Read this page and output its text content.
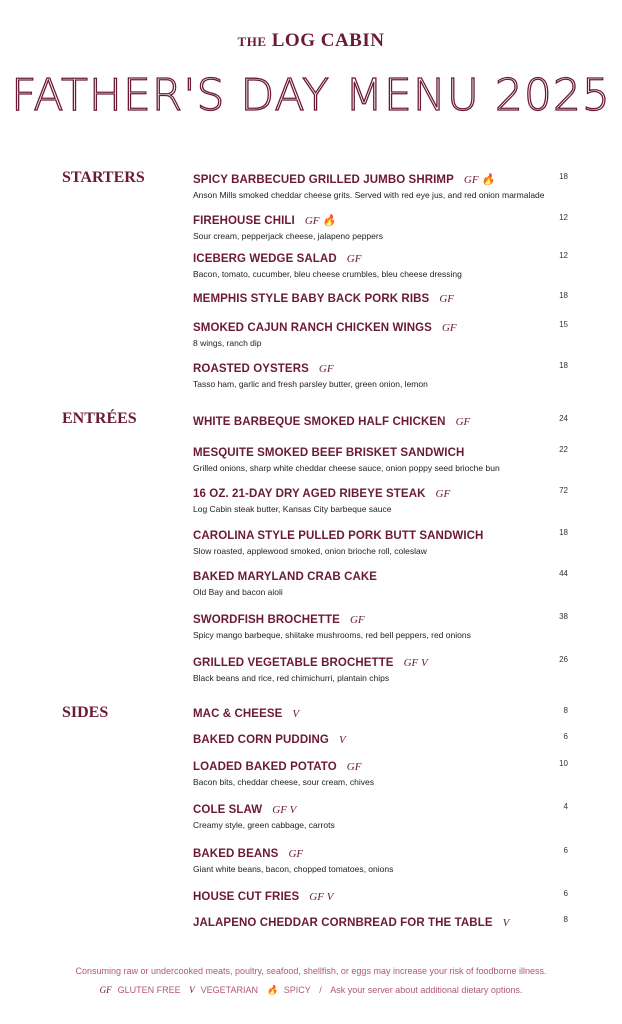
THE LOG CABIN
FATHER'S DAY MENU 2025
STARTERS
ENTRÉES
SIDES
SPICY BARBECUED GRILLED JUMBO SHRIMP GF 🔥
Anson Mills smoked cheddar cheese grits. Served with red eye jus, and red onion marmalade
18
FIREHOUSE CHILI GF 🔥
Sour cream, pepperjack cheese, jalapeno peppers
12
ICEBERG WEDGE SALAD GF
Bacon, tomato, cucumber, bleu cheese crumbles, bleu cheese dressing
12
MEMPHIS STYLE BABY BACK PORK RIBS GF	18
SMOKED CAJUN RANCH CHICKEN WINGS GF
8 wings, ranch dip
15
ROASTED OYSTERS GF
Tasso ham, garlic and fresh parsley butter, green onion, lemon
18
WHITE BARBEQUE SMOKED HALF CHICKEN GF	24
MESQUITE SMOKED BEEF BRISKET SANDWICH
Grilled onions, sharp white cheddar cheese sauce, onion poppy seed brioche bun
22
16 OZ. 21-DAY DRY AGED RIBEYE STEAK GF
Log Cabin steak butter, Kansas City barbeque sauce
72
CAROLINA STYLE PULLED PORK BUTT SANDWICH
Slow roasted, applewood smoked, onion brioche roll, coleslaw
18
BAKED MARYLAND CRAB CAKE
Old Bay and bacon aioli
44
SWORDFISH BROCHETTE GF
Spicy mango barbeque, shiitake mushrooms, red bell peppers, red onions
38
GRILLED VEGETABLE BROCHETTE GF V
Black beans and rice, red chimichurri, plantain chips
26
MAC & CHEESE V	8
BAKED CORN PUDDING V	6
LOADED BAKED POTATO GF
Bacon bits, cheddar cheese, sour cream, chives
10
COLE SLAW GF V
Creamy style, green cabbage, carrots
4
BAKED BEANS GF
Giant white beans, bacon, chopped tomatoes, onions
6
HOUSE CUT FRIES GF V	6
JALAPENO CHEDDAR CORNBREAD FOR THE TABLE V	8
Consuming raw or undercooked meats, poultry, seafood, shellfish, or eggs may increase your risk of foodborne illness.
GF GLUTEN FREE V VEGETARIAN 🔥 SPICY / Ask your server about additional dietary options.
